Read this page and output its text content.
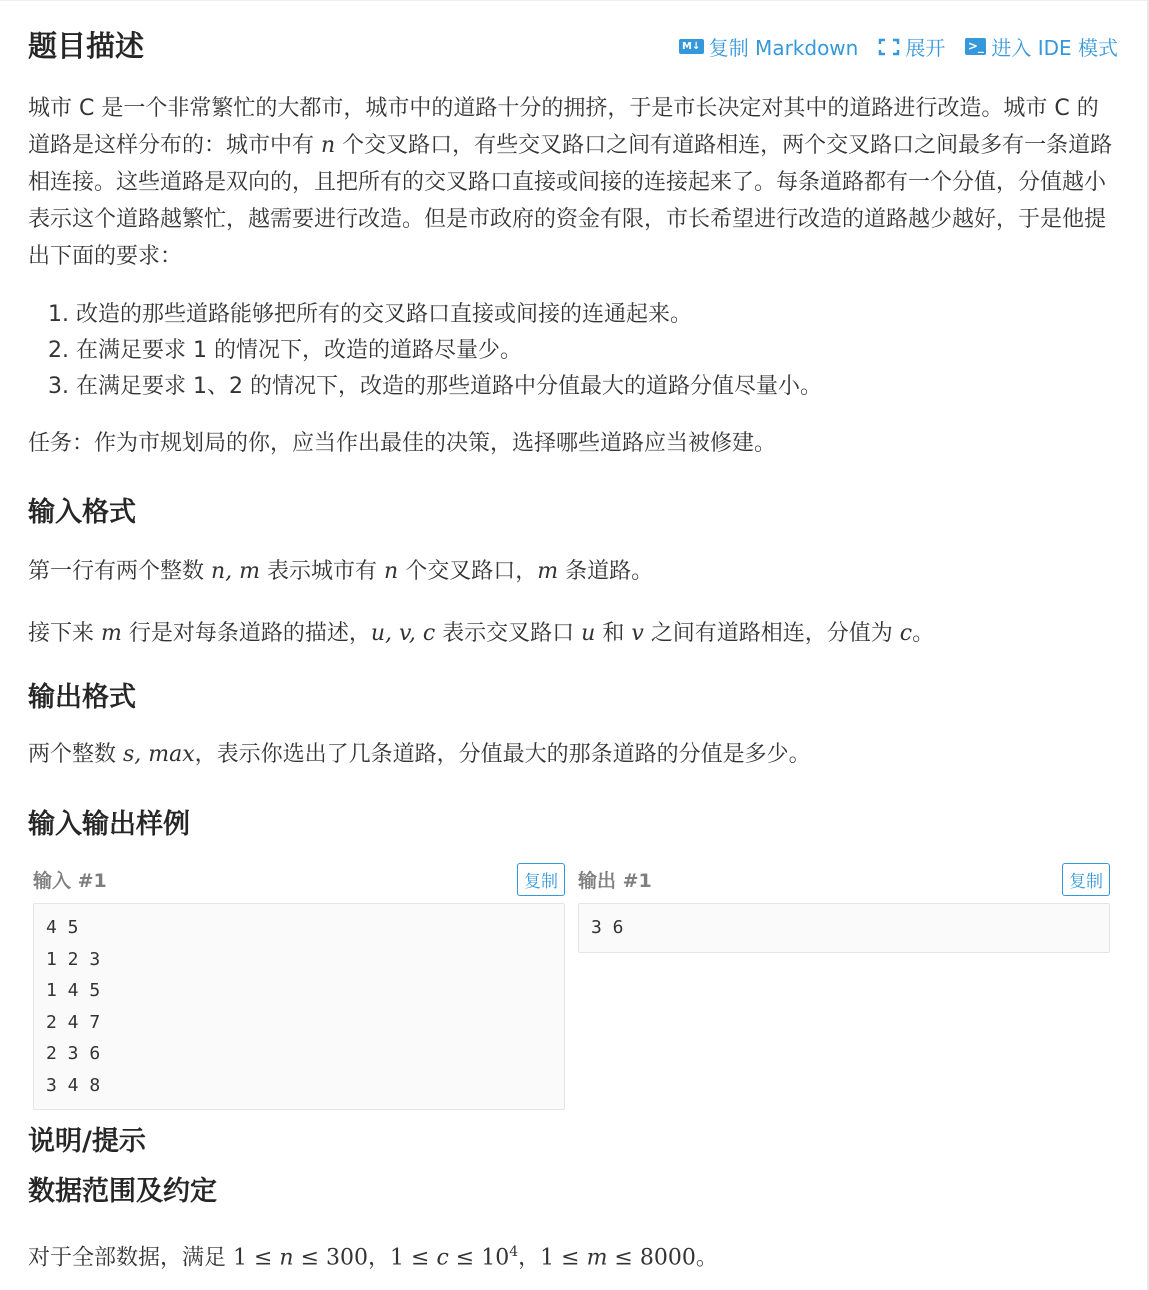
题目描述	M↓ 复制 Markdown 展开 >_ 进入 IDE 模式

城市 C 是一个非常繁忙的大都市，城市中的道路十分的拥挤，于是市长决定对其中的道路进行改造。城市 C 的道路是这样分布的：城市中有 n 个交叉路口，有些交叉路口之间有道路相连，两个交叉路口之间最多有一条道路相连接。这些道路是双向的，且把所有的交叉路口直接或间接的连接起来了。每条道路都有一个分值，分值越小表示这个道路越繁忙，越需要进行改造。但是市政府的资金有限，市长希望进行改造的道路越少越好，于是他提出下面的要求：

1. 改造的那些道路能够把所有的交叉路口直接或间接的连通起来。
2. 在满足要求 1 的情况下，改造的道路尽量少。
3. 在满足要求 1、2 的情况下，改造的那些道路中分值最大的道路分值尽量小。

任务：作为市规划局的你，应当作出最佳的决策，选择哪些道路应当被修建。

输入格式

第一行有两个整数 n, m 表示城市有 n 个交叉路口，m 条道路。

接下来 m 行是对每条道路的描述，u, v, c 表示交叉路口 u 和 v 之间有道路相连，分值为 c。

输出格式

两个整数 s, max，表示你选出了几条道路，分值最大的那条道路的分值是多少。

输入输出样例
输入 #1	复制
4 5
1 2 3
1 4 5
2 4 7
2 3 6
3 4 8
输出 #1	复制
3 6
说明/提示
数据范围及约定

对于全部数据，满足 1 ≤ n ≤ 300，$1 \le c \le 10^4$，1 ≤ m ≤ 8000。
